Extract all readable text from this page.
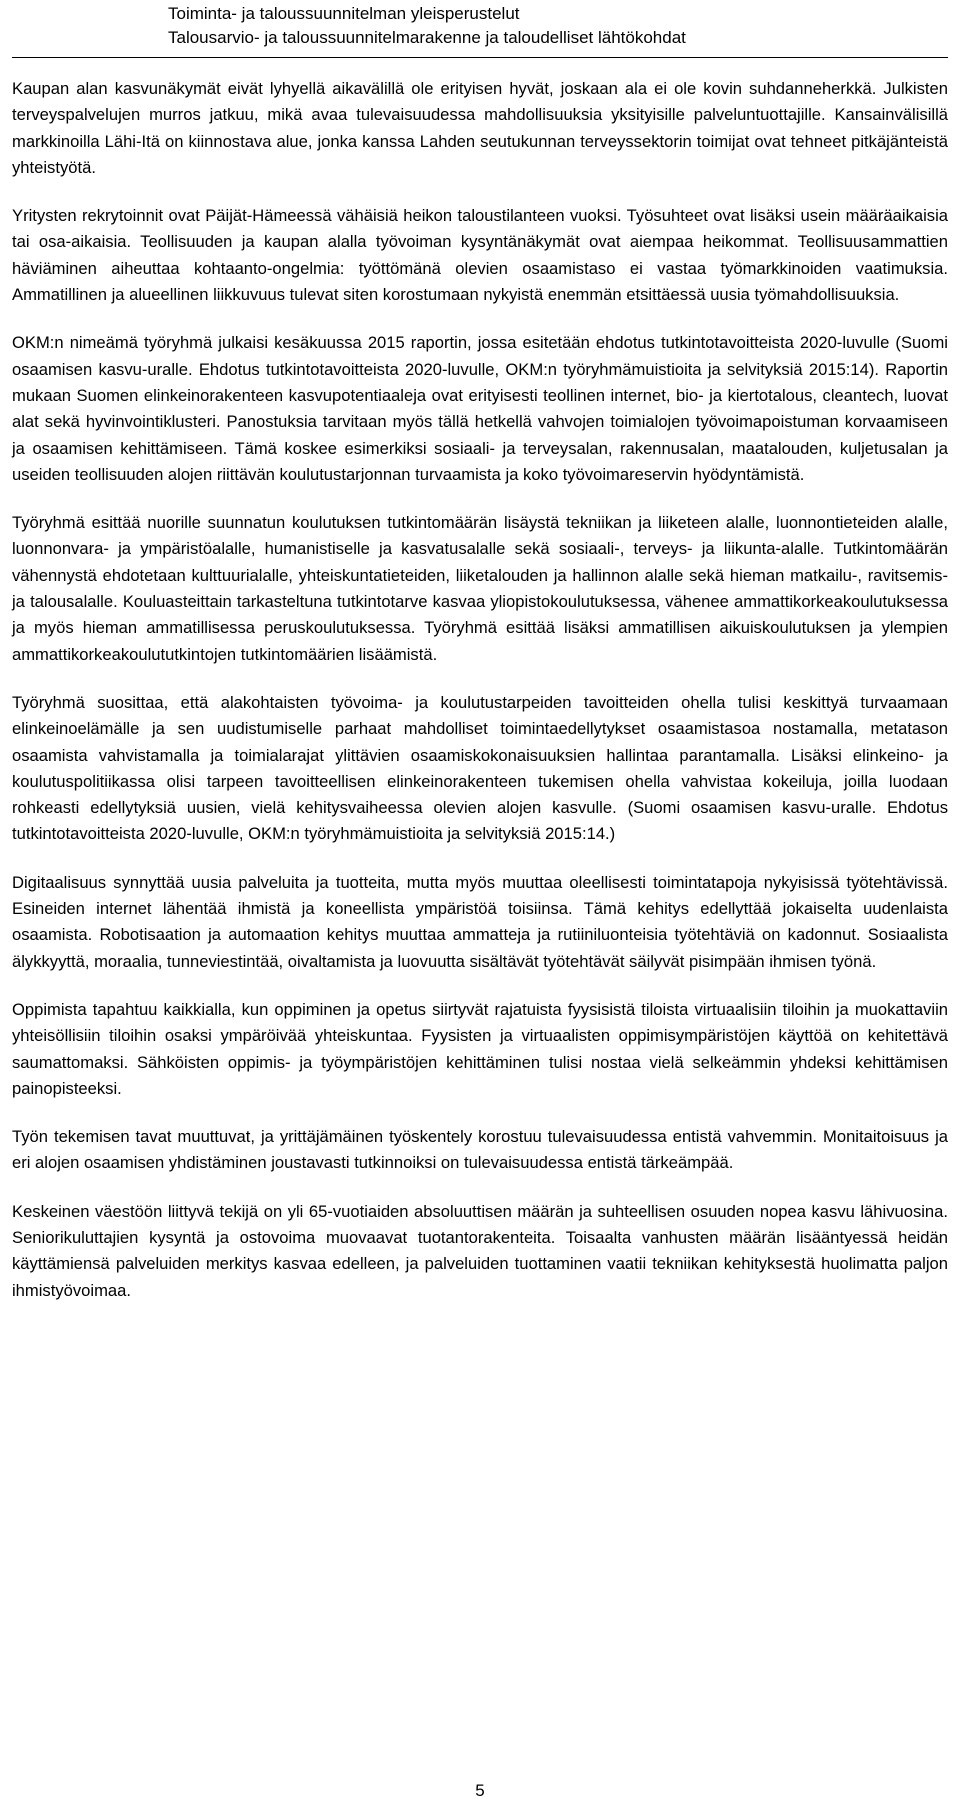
Toiminta- ja taloussuunnitelman yleisperustelut
Talousarvio- ja taloussuunnitelmarakenne ja taloudelliset lähtökohdat

Kaupan alan kasvunäkymät eivät lyhyellä aikavälillä ole erityisen hyvät, joskaan ala ei ole kovin suhdanneherkkä. Julkisten terveyspalvelujen murros jatkuu, mikä avaa tulevaisuudessa mahdollisuuksia yksityisille palveluntuottajille. Kansainvälisillä markkinoilla Lähi-Itä on kiinnostava alue, jonka kanssa Lahden seutukunnan terveyssektorin toimijat ovat tehneet pitkäjänteistä yhteistyötä.

Yritysten rekrytoinnit ovat Päijät-Hämeessä vähäisiä heikon taloustilanteen vuoksi. Työsuhteet ovat lisäksi usein määräaikaisia tai osa-aikaisia. Teollisuuden ja kaupan alalla työvoiman kysyntänäkymät ovat aiempaa heikommat. Teollisuusammattien häviäminen aiheuttaa kohtaanto-ongelmia: työttömänä olevien osaamistaso ei vastaa työmarkkinoiden vaatimuksia. Ammatillinen ja alueellinen liikkuvuus tulevat siten korostumaan nykyistä enemmän etsittäessä uusia työmahdollisuuksia.

OKM:n nimeämä työryhmä julkaisi kesäkuussa 2015 raportin, jossa esitetään ehdotus tutkintotavoitteista 2020-luvulle (Suomi osaamisen kasvu-uralle. Ehdotus tutkintotavoitteista 2020-luvulle, OKM:n työryhmämuistioita ja selvityksiä 2015:14). Raportin mukaan Suomen elinkeinorakenteen kasvupotentiaaleja ovat erityisesti teollinen internet, bio- ja kiertotalous, cleantech, luovat alat sekä hyvinvointiklusteri. Panostuksia tarvitaan myös tällä hetkellä vahvojen toimialojen työvoimapoistuman korvaamiseen ja osaamisen kehittämiseen. Tämä koskee esimerkiksi sosiaali- ja terveysalan, rakennusalan, maatalouden, kuljetusalan ja useiden teollisuuden alojen riittävän koulutustarjonnan turvaamista ja koko työvoimareservin hyödyntämistä.

Työryhmä esittää nuorille suunnatun koulutuksen tutkintomäärän lisäystä tekniikan ja liiketeen alalle, luonnontieteiden alalle, luonnonvara- ja ympäristöalalle, humanistiselle ja kasvatusalalle sekä sosiaali-, terveys- ja liikunta-alalle. Tutkintomäärän vähennystä ehdotetaan kulttuurialalle, yhteiskuntatieteiden, liiketalouden ja hallinnon alalle sekä hieman matkailu-, ravitsemis- ja talousalalle. Kouluasteittain tarkasteltuna tutkintotarve kasvaa yliopistokoulutuksessa, vähenee ammattikorkeakoulutuksessa ja myös hieman ammatillisessa peruskoulutuksessa. Työryhmä esittää lisäksi ammatillisen aikuiskoulutuksen ja ylempien ammattikorkeakoulututkintojen tutkintomäärien lisäämistä.

Työryhmä suosittaa, että alakohtaisten työvoima- ja koulutustarpeiden tavoitteiden ohella tulisi keskittyä turvaamaan elinkeinoelämälle ja sen uudistumiselle parhaat mahdolliset toimintaedellytykset osaamistasoa nostamalla, metatason osaamista vahvistamalla ja toimialarajat ylittävien osaamiskokonaisuuksien hallintaa parantamalla. Lisäksi elinkeino- ja koulutuspolitiikassa olisi tarpeen tavoitteellisen elinkeinorakenteen tukemisen ohella vahvistaa kokeiluja, joilla luodaan rohkeasti edellytyksiä uusien, vielä kehitysvaiheessa olevien alojen kasvulle. (Suomi osaamisen kasvu-uralle. Ehdotus tutkintotavoitteista 2020-luvulle, OKM:n työryhmämuistioita ja selvityksiä 2015:14.)

Digitaalisuus synnyttää uusia palveluita ja tuotteita, mutta myös muuttaa oleellisesti toimintatapoja nykyisissä työtehtävissä. Esineiden internet lähentää ihmistä ja koneellista ympäristöä toisiinsa. Tämä kehitys edellyttää jokaiselta uudenlaista osaamista. Robotisaation ja automaation kehitys muuttaa ammatteja ja rutiiniluonteisia työtehtäviä on kadonnut. Sosiaalista älykkyyttä, moraalia, tunneviestintää, oivaltamista ja luovuutta sisältävät työtehtävät säilyvät pisimpään ihmisen työnä.

Oppimista tapahtuu kaikkialla, kun oppiminen ja opetus siirtyvät rajatuista fyysisistä tiloista virtuaalisiin tiloihin ja muokattaviin yhteisöllisiin tiloihin osaksi ympäröivää yhteiskuntaa. Fyysisten ja virtuaalisten oppimisympäristöjen käyttöä on kehitettävä saumattomaksi. Sähköisten oppimis- ja työympäristöjen kehittäminen tulisi nostaa vielä selkeämmin yhdeksi kehittämisen painopisteeksi.

Työn tekemisen tavat muuttuvat, ja yrittäjämäinen työskentely korostuu tulevaisuudessa entistä vahvemmin. Monitaitoisuus ja eri alojen osaamisen yhdistäminen joustavasti tutkinnoiksi on tulevaisuudessa entistä tärkeämpää.

Keskeinen väestöön liittyvä tekijä on yli 65-vuotiaiden absoluuttisen määrän ja suhteellisen osuuden nopea kasvu lähivuosina. Seniorikuluttajien kysyntä ja ostovoima muovaavat tuotantorakenteita. Toisaalta vanhusten määrän lisääntyessä heidän käyttämiensä palveluiden merkitys kasvaa edelleen, ja palveluiden tuottaminen vaatii tekniikan kehityksestä huolimatta paljon ihmistyövoimaa.

5
